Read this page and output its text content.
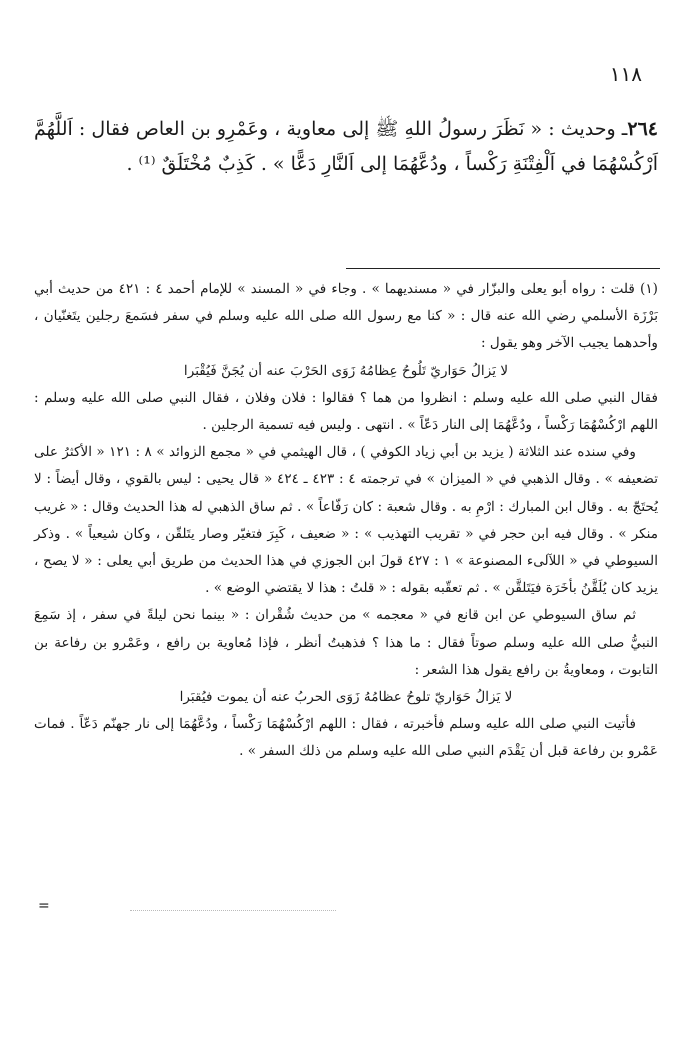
١١٨

٢٦٤ـ وحديث : « نَظَرَ رسولُ اللهِ ﷺ إلى معاوية ، وعَمْرِو بن العاص فقال : اَللَّهُمَّ اَرْكُسْهُمَا في اَلْفِتْنَةِ رَكْساً ، ودُعَّهُمَا إلى اَلنَّارِ دَعًّا » . كَذِبٌ مُخْتَلَقٌ ⁽¹⁾ .

(١) قلت : رواه أبو يعلى والبزّار في « مسنديهما » . وجاء في « المسند » للإمام أحمد ٤ : ٤٢١ من حديث أبي بَرْزَة الأسلمي رضي الله عنه قال : « كنا مع رسول الله صلى الله عليه وسلم في سفر فسَمعَ رجلين يتَغنّيان ، وأحدهما يجيب الآخر وهو يقول :

لا يَزالُ حَوَاريّ تَلُوحُ عِظامُهُ زَوَى الحَرْبَ عنه أن يُجَنَّ فَيُقْبَرا

فقال النبي صلى الله عليه وسلم : انظروا من هما ؟ فقالوا : فلان وفلان ، فقال النبي صلى الله عليه وسلم : اللهم ارْكُسْهُمَا رَكْساً ، ودُعَّهُمَا إلى النار دَعّاً » . انتهى . وليس فيه تسمية الرجلين .

وفي سنده عند الثلاثة ( يزيد بن أبي زياد الكوفي ) ، قال الهيثمي في « مجمع الزوائد » ٨ : ١٢١ « الأكثرُ على تضعيفه » . وقال الذهبي في « الميزان » في ترجمته ٤ : ٤٢٣ ـ ٤٢٤ « قال يحيى : ليس بالقوي ، وقال أيضاً : لا يُحتَجّ به . وقال ابن المبارك : ارْمِ به . وقال شعبة : كان رَفّاعاً » . ثم ساق الذهبي له هذا الحديث وقال : « غريب منكر » . وقال فيه ابن حجر في « تقريب التهذيب » : « ضعيف ، كَبِرَ فتغيّر وصار يتَلقّن ، وكان شيعياً » . وذكر السيوطي في « اللآلىء المصنوعة » ١ : ٤٢٧ قولَ ابن الجوزي في هذا الحديث من طريق أبي يعلى : « لا يصح ، يزيد كان يُلَقَّنُ بأخَرَة فيَتَلقَّن » . ثم تعقّبه بقوله : « قلتُ : هذا لا يقتضي الوضع » .

ثم ساق السيوطي عن ابن قانع في « معجمه » من حديث شُقْران : « بينما نحن ليلةً في سفر ، إذ سَمِعَ النبيُّ صلى الله عليه وسلم صوتاً فقال : ما هذا ؟ فذهبتُ أنظر ، فإذا مُعاوية بن رافع ، وعَمْرو بن رفاعة بن التابوت ، ومعاويةُ بن رافع يقول هذا الشعر :

لا يَزالُ حَوَاريّ تلوحُ عظامُهُ زَوَى الحربُ عنه أن يموت فيُقبَرا

فأتيت النبي صلى الله عليه وسلم فأخبرته ، فقال : اللهم ارْكُسْهُمَا رَكْساً ، ودُعَّهُمَا إلى نار جهنّم دَعّاً . فمات عَمْرو بن رفاعة قبل أن يَقْدَم النبي صلى الله عليه وسلم من ذلك السفر » .

=
